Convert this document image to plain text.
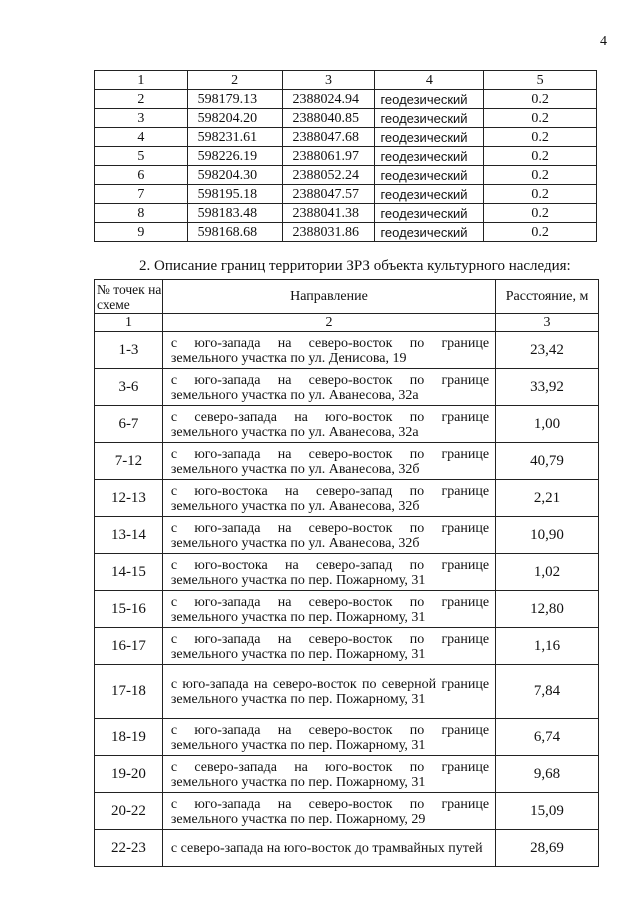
4
1	2	3	4	5
2	598179.13	2388024.94	геодезический	0.2
3	598204.20	2388040.85	геодезический	0.2
4	598231.61	2388047.68	геодезический	0.2
5	598226.19	2388061.97	геодезический	0.2
6	598204.30	2388052.24	геодезический	0.2
7	598195.18	2388047.57	геодезический	0.2
8	598183.48	2388041.38	геодезический	0.2
9	598168.68	2388031.86	геодезический	0.2
2. Описание границ территории ЗРЗ объекта культурного наследия:
№ точек на схеме	Направление	Расстояние, м
1	2	3
1-3	с юго-запада на северо-восток по границе земельного участка по ул. Денисова, 19	23,42
3-6	с юго-запада на северо-восток по границе земельного участка по ул. Аванесова, 32а	33,92
6-7	с северо-запада на юго-восток по границе земельного участка по ул. Аванесова, 32а	1,00
7-12	с юго-запада на северо-восток по границе земельного участка по ул. Аванесова, 32б	40,79
12-13	с юго-востока на северо-запад по границе земельного участка по ул. Аванесова, 32б	2,21
13-14	с юго-запада на северо-восток по границе земельного участка по ул. Аванесова, 32б	10,90
14-15	с юго-востока на северо-запад по границе земельного участка по пер. Пожарному, 31	1,02
15-16	с юго-запада на северо-восток по границе земельного участка по пер. Пожарному, 31	12,80
16-17	с юго-запада на северо-восток по границе земельного участка по пер. Пожарному, 31	1,16
17-18	с юго-запада на северо-восток по северной границе земельного участка по пер. Пожарному, 31	7,84
18-19	с юго-запада на северо-восток по границе земельного участка по пер. Пожарному, 31	6,74
19-20	с северо-запада на юго-восток по границе земельного участка по пер. Пожарному, 31	9,68
20-22	с юго-запада на северо-восток по границе земельного участка по пер. Пожарному, 29	15,09
22-23	с северо-запада на юго-восток до трамвайных путей	28,69
